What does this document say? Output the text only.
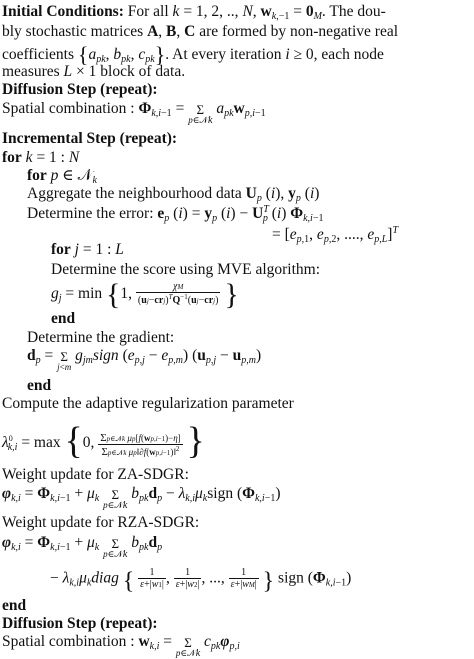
Initial Conditions: For all k = 1, 2, .., N, $w_{k,-1} = 0_M$. The dou-
bly stochastic matrices A, B, C are formed by non-negative real
coefficients {$a_{pk}$, $b_{pk}$, $c_{pk}$}. At every iteration i ≥ 0, each node
measures L × 1 block of data.
Diffusion Step (repeat):
Spatial combination : $\Phi_{k,i-1} = \Sigma$
p∈𝒩k
$a_{pk}w_{p,i-1}$
Incremental Step (repeat):
for k = 1 : N
for p ∈ 𝒩$_k$
Aggregate the neighbourhood data $U_p$ (i), $y_p$ (i)
Determine the error: $e_p$ $(i) = y_p$ $(i) - U^T_p$ (i) $\Phi_{k,i-1}$
= [$e_{p,1}$, $e_{p,2}$, ...., $e_{p,L}]^T$
for j = 1 : L
Determine the score using MVE algorithm:
$g_j = \min \{1$, $\frac{\chi M}{(uj-crj)^TQ^{-1}(uj-crj)}$ }
end
Determine the gradient:
$d_p = \Sigma$
j<m
$g_{jm}sign$ $(e_{p,j} - e_{p,m}) (u_{p,j} - u_{p,m})$
end
Compute the adaptive regularization parameter
$\lambda^0_{k,i} = \max \{0$, $\frac{\text{Σp∈𝒩k μp[f(wp,i−1)−η]}}{\Sigma p\in 𝒩k \mu p‖\partial f(wp,i-1)‖^2}$ }
Weight update for ZA-SDGR:
$\varphi_{k,i} = \Phi_{k,i-1} + \mu_k$ Σ
p∈𝒩k
$b_{pk}d_p$ − $\lambda_{k,i}\mu_ksign$ $(\Phi_{k,i-1})$
Weight update for RZA-SDGR:
$\varphi_{k,i} = \Phi_{k,i-1} + \mu_k$ Σ
p∈𝒩k
$b_{pk}d_p$
− $\lambda_{k,i}\mu_kdiag$ { $\frac{1}{\varepsilon+|w1|}$ , $\frac{1}{\varepsilon+|w2|}$ , ..., $\frac{1}{\varepsilon+|wM|}$ } sign $(\Phi_{k,i-1})$
end
Diffusion Step (repeat):
Spatial combination : $w_{k,i} = \Sigma$
p∈𝒩k
$c_{pk}\varphi_{p,i}$
